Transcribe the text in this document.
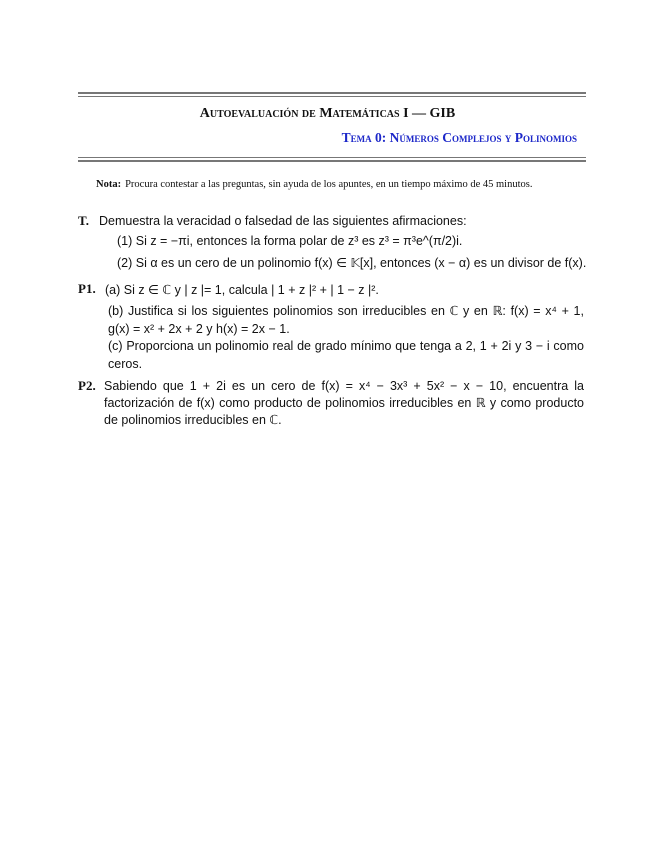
Autoevaluación de Matemáticas I — GIB
Tema 0: Números Complejos y Polinomios
Nota: Procura contestar a las preguntas, sin ayuda de los apuntes, en un tiempo máximo de 45 minutos.
T. Demuestra la veracidad o falsedad de las siguientes afirmaciones:
(1) Si z = −πi, entonces la forma polar de z³ es z³ = π³e^(π/2)i.
(2) Si α es un cero de un polinomio f(x) ∈ 𝕂[x], entonces (x − α) es un divisor de f(x).
P1. (a) Si z ∈ ℂ y | z |= 1, calcula | 1 + z |² + | 1 − z |².
(b) Justifica si los siguientes polinomios son irreducibles en ℂ y en ℝ: f(x) = x⁴ + 1, g(x) = x² + 2x + 2 y h(x) = 2x − 1.
(c) Proporciona un polinomio real de grado mínimo que tenga a 2, 1 + 2i y 3 − i como ceros.
P2. Sabiendo que 1 + 2i es un cero de f(x) = x⁴ − 3x³ + 5x² − x − 10, encuentra la factorización de f(x) como producto de polinomios irreducibles en ℝ y como producto de polinomios irreducibles en ℂ.
